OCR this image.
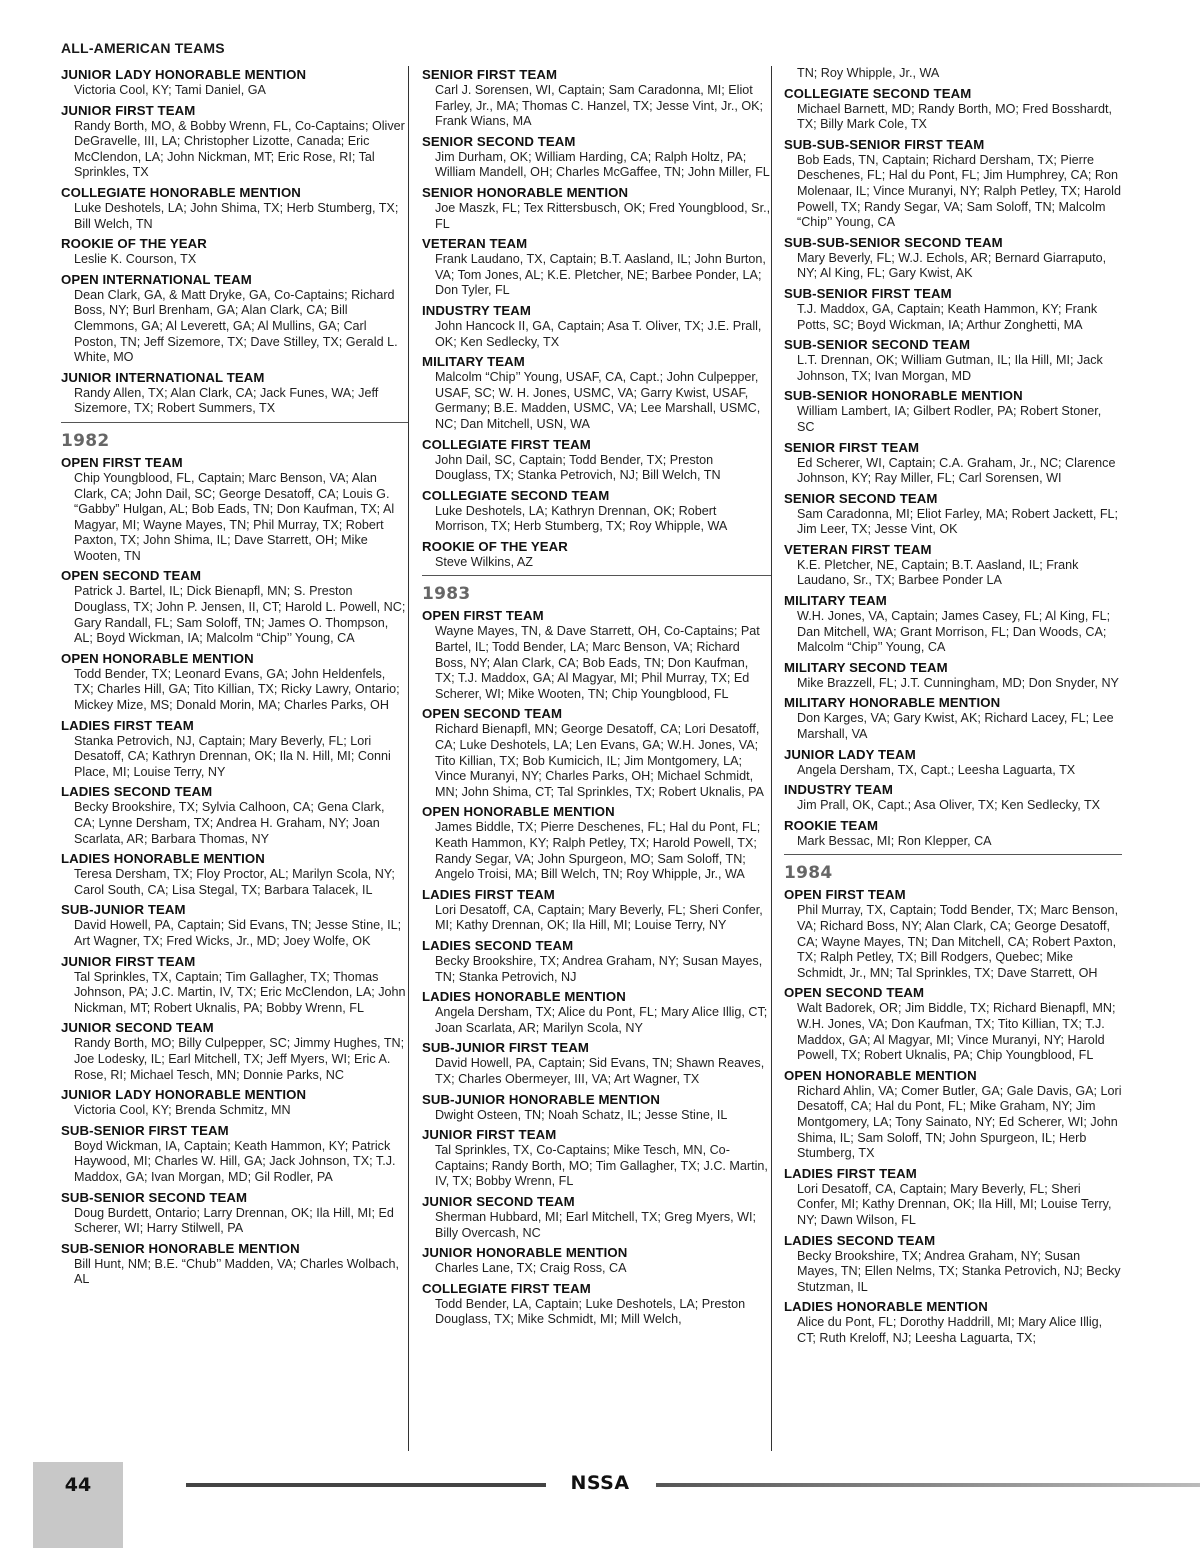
ALL-AMERICAN TEAMS
JUNIOR LADY HONORABLE MENTION

Victoria Cool, KY; Tami Daniel, GA

JUNIOR FIRST TEAM

Randy Borth, MO, & Bobby Wrenn, FL, Co-Captains; Oliver DeGravelle, III, LA; Christopher Lizotte, Canada; Eric McClendon, LA; John Nickman, MT; Eric Rose, RI; Tal Sprinkles, TX

COLLEGIATE HONORABLE MENTION

Luke Deshotels, LA; John Shima, TX; Herb Stumberg, TX; Bill Welch, TN

ROOKIE OF THE YEAR

Leslie K. Courson, TX

OPEN INTERNATIONAL TEAM

Dean Clark, GA, & Matt Dryke, GA, Co-Captains; Richard Boss, NY; Burl Brenham, GA; Alan Clark, CA; Bill Clemmons, GA; Al Leverett, GA; Al Mullins, GA; Carl Poston, TN; Jeff Sizemore, TX; Dave Stilley, TX; Gerald L. White, MO

JUNIOR INTERNATIONAL TEAM

Randy Allen, TX; Alan Clark, CA; Jack Funes, WA; Jeff Sizemore, TX; Robert Summers, TX

1982
OPEN FIRST TEAM

Chip Youngblood, FL, Captain; Marc Benson, VA; Alan Clark, CA; John Dail, SC; George Desatoff, CA; Louis G. “Gabby” Hulgan, AL; Bob Eads, TN; Don Kaufman, TX; Al Magyar, MI; Wayne Mayes, TN; Phil Murray, TX; Robert Paxton, TX; John Shima, IL; Dave Starrett, OH; Mike Wooten, TN

OPEN SECOND TEAM

Patrick J. Bartel, IL; Dick Bienapfl, MN; S. Preston Douglass, TX; John P. Jensen, II, CT; Harold L. Powell, NC; Gary Randall, FL; Sam Soloff, TN; James O. Thompson, AL; Boyd Wickman, IA; Malcolm “Chip’’ Young, CA

OPEN HONORABLE MENTION

Todd Bender, TX; Leonard Evans, GA; John Heldenfels, TX; Charles Hill, GA; Tito Killian, TX; Ricky Lawry, Ontario; Mickey Mize, MS; Donald Morin, MA; Charles Parks, OH

LADIES FIRST TEAM

Stanka Petrovich, NJ, Captain; Mary Beverly, FL; Lori Desatoff, CA; Kathryn Drennan, OK; Ila N. Hill, MI; Conni Place, MI; Louise Terry, NY

LADIES SECOND TEAM

Becky Brookshire, TX; Sylvia Calhoon, CA; Gena Clark, CA; Lynne Dersham, TX; Andrea H. Graham, NY; Joan Scarlata, AR; Barbara Thomas, NY

LADIES HONORABLE MENTION

Teresa Dersham, TX; Floy Proctor, AL; Marilyn Scola, NY; Carol South, CA; Lisa Stegal, TX; Barbara Talacek, IL

SUB-JUNIOR TEAM

David Howell, PA, Captain; Sid Evans, TN; Jesse Stine, IL; Art Wagner, TX; Fred Wicks, Jr., MD; Joey Wolfe, OK

JUNIOR FIRST TEAM

Tal Sprinkles, TX, Captain; Tim Gallagher, TX; Thomas Johnson, PA; J.C. Martin, IV, TX; Eric McClendon, LA; John Nickman, MT; Robert Uknalis, PA; Bobby Wrenn, FL

JUNIOR SECOND TEAM

Randy Borth, MO; Billy Culpepper, SC; Jimmy Hughes, TN; Joe Lodesky, IL; Earl Mitchell, TX; Jeff Myers, WI; Eric A. Rose, RI; Michael Tesch, MN; Donnie Parks, NC

JUNIOR LADY HONORABLE MENTION

Victoria Cool, KY; Brenda Schmitz, MN

SUB-SENIOR FIRST TEAM

Boyd Wickman, IA, Captain; Keath Hammon, KY; Patrick Haywood, MI; Charles W. Hill, GA; Jack Johnson, TX; T.J. Maddox, GA; Ivan Morgan, MD; Gil Rodler, PA

SUB-SENIOR SECOND TEAM

Doug Burdett, Ontario; Larry Drennan, OK; Ila Hill, MI; Ed Scherer, WI; Harry Stilwell, PA

SUB-SENIOR HONORABLE MENTION

Bill Hunt, NM; B.E. “Chub’’ Madden, VA; Charles Wolbach, AL

SENIOR FIRST TEAM

Carl J. Sorensen, WI, Captain; Sam Caradonna, MI; Eliot Farley, Jr., MA; Thomas C. Hanzel, TX; Jesse Vint, Jr., OK; Frank Wians, MA

SENIOR SECOND TEAM

Jim Durham, OK; William Harding, CA; Ralph Holtz, PA; William Mandell, OH; Charles McGaffee, TN; John Miller, FL

SENIOR HONORABLE MENTION

Joe Maszk, FL; Tex Rittersbusch, OK; Fred Youngblood, Sr., FL

VETERAN TEAM

Frank Laudano, TX, Captain; B.T. Aasland, IL; John Burton, VA; Tom Jones, AL; K.E. Pletcher, NE; Barbee Ponder, LA; Don Tyler, FL

INDUSTRY TEAM

John Hancock II, GA, Captain; Asa T. Oliver, TX; J.E. Prall, OK; Ken Sedlecky, TX

MILITARY TEAM

Malcolm “Chip’’ Young, USAF, CA, Capt.; John Culpepper, USAF, SC; W. H. Jones, USMC, VA; Garry Kwist, USAF, Germany; B.E. Madden, USMC, VA; Lee Marshall, USMC, NC; Dan Mitchell, USN, WA

COLLEGIATE FIRST TEAM

John Dail, SC, Captain; Todd Bender, TX; Preston Douglass, TX; Stanka Petrovich, NJ; Bill Welch, TN

COLLEGIATE SECOND TEAM

Luke Deshotels, LA; Kathryn Drennan, OK; Robert Morrison, TX; Herb Stumberg, TX; Roy Whipple, WA

ROOKIE OF THE YEAR

Steve Wilkins, AZ

1983
OPEN FIRST TEAM

Wayne Mayes, TN, & Dave Starrett, OH, Co-Captains; Pat Bartel, IL; Todd Bender, LA; Marc Benson, VA; Richard Boss, NY; Alan Clark, CA; Bob Eads, TN; Don Kaufman, TX; T.J. Maddox, GA; Al Magyar, MI; Phil Murray, TX; Ed Scherer, WI; Mike Wooten, TN; Chip Youngblood, FL

OPEN SECOND TEAM

Richard Bienapfl, MN; George Desatoff, CA; Lori Desatoff, CA; Luke Deshotels, LA; Len Evans, GA; W.H. Jones, VA; Tito Killian, TX; Bob Kumicich, IL; Jim Montgomery, LA; Vince Muranyi, NY; Charles Parks, OH; Michael Schmidt, MN; John Shima, CT; Tal Sprinkles, TX; Robert Uknalis, PA

OPEN HONORABLE MENTION

James Biddle, TX; Pierre Deschenes, FL; Hal du Pont, FL; Keath Hammon, KY; Ralph Petley, TX; Harold Powell, TX; Randy Segar, VA; John Spurgeon, MO; Sam Soloff, TN; Angelo Troisi, MA; Bill Welch, TN; Roy Whipple, Jr., WA

LADIES FIRST TEAM

Lori Desatoff, CA, Captain; Mary Beverly, FL; Sheri Confer, MI; Kathy Drennan, OK; Ila Hill, MI; Louise Terry, NY

LADIES SECOND TEAM

Becky Brookshire, TX; Andrea Graham, NY; Susan Mayes, TN; Stanka Petrovich, NJ

LADIES HONORABLE MENTION

Angela Dersham, TX; Alice du Pont, FL; Mary Alice Illig, CT; Joan Scarlata, AR; Marilyn Scola, NY

SUB-JUNIOR FIRST TEAM

David Howell, PA, Captain; Sid Evans, TN; Shawn Reaves, TX; Charles Obermeyer, III, VA; Art Wagner, TX

SUB-JUNIOR HONORABLE MENTION

Dwight Osteen, TN; Noah Schatz, IL; Jesse Stine, IL

JUNIOR FIRST TEAM

Tal Sprinkles, TX, Co-Captains; Mike Tesch, MN, Co-Captains; Randy Borth, MO; Tim Gallagher, TX; J.C. Martin, IV, TX; Bobby Wrenn, FL

JUNIOR SECOND TEAM

Sherman Hubbard, MI; Earl Mitchell, TX; Greg Myers, WI; Billy Overcash, NC

JUNIOR HONORABLE MENTION

Charles Lane, TX; Craig Ross, CA

COLLEGIATE FIRST TEAM

Todd Bender, LA, Captain; Luke Deshotels, LA; Preston Douglass, TX; Mike Schmidt, MI; Mill Welch,

TN; Roy Whipple, Jr., WA

COLLEGIATE SECOND TEAM

Michael Barnett, MD; Randy Borth, MO; Fred Bosshardt, TX; Billy Mark Cole, TX

SUB-SUB-SENIOR FIRST TEAM

Bob Eads, TN, Captain; Richard Dersham, TX; Pierre Deschenes, FL; Hal du Pont, FL; Jim Humphrey, CA; Ron Molenaar, IL; Vince Muranyi, NY; Ralph Petley, TX; Harold Powell, TX; Randy Segar, VA; Sam Soloff, TN; Malcolm “Chip’’ Young, CA

SUB-SUB-SENIOR SECOND TEAM

Mary Beverly, FL; W.J. Echols, AR; Bernard Giarraputo, NY; Al King, FL; Gary Kwist, AK

SUB-SENIOR FIRST TEAM

T.J. Maddox, GA, Captain; Keath Hammon, KY; Frank Potts, SC; Boyd Wickman, IA; Arthur Zonghetti, MA

SUB-SENIOR SECOND TEAM

L.T. Drennan, OK; William Gutman, IL; Ila Hill, MI; Jack Johnson, TX; Ivan Morgan, MD

SUB-SENIOR HONORABLE MENTION

William Lambert, IA; Gilbert Rodler, PA; Robert Stoner, SC

SENIOR FIRST TEAM

Ed Scherer, WI, Captain; C.A. Graham, Jr., NC; Clarence Johnson, KY; Ray Miller, FL; Carl Sorensen, WI

SENIOR SECOND TEAM

Sam Caradonna, MI; Eliot Farley, MA; Robert Jackett, FL; Jim Leer, TX; Jesse Vint, OK

VETERAN FIRST TEAM

K.E. Pletcher, NE, Captain; B.T. Aasland, IL; Frank Laudano, Sr., TX; Barbee Ponder LA

MILITARY TEAM

W.H. Jones, VA, Captain; James Casey, FL; Al King, FL; Dan Mitchell, WA; Grant Morrison, FL; Dan Woods, CA; Malcolm “Chip’’ Young, CA

MILITARY SECOND TEAM

Mike Brazzell, FL; J.T. Cunningham, MD; Don Snyder, NY

MILITARY HONORABLE MENTION

Don Karges, VA; Gary Kwist, AK; Richard Lacey, FL; Lee Marshall, VA

JUNIOR LADY TEAM

Angela Dersham, TX, Capt.; Leesha Laguarta, TX

INDUSTRY TEAM

Jim Prall, OK, Capt.; Asa Oliver, TX; Ken Sedlecky, TX

ROOKIE TEAM

Mark Bessac, MI; Ron Klepper, CA

1984
OPEN FIRST TEAM

Phil Murray, TX, Captain; Todd Bender, TX; Marc Benson, VA; Richard Boss, NY; Alan Clark, CA; George Desatoff, CA; Wayne Mayes, TN; Dan Mitchell, CA; Robert Paxton, TX; Ralph Petley, TX; Bill Rodgers, Quebec; Mike Schmidt, Jr., MN; Tal Sprinkles, TX; Dave Starrett, OH

OPEN SECOND TEAM

Walt Badorek, OR; Jim Biddle, TX; Richard Bienapfl, MN; W.H. Jones, VA; Don Kaufman, TX; Tito Killian, TX; T.J. Maddox, GA; Al Magyar, MI; Vince Muranyi, NY; Harold Powell, TX; Robert Uknalis, PA; Chip Youngblood, FL

OPEN HONORABLE MENTION

Richard Ahlin, VA; Comer Butler, GA; Gale Davis, GA; Lori Desatoff, CA; Hal du Pont, FL; Mike Graham, NY; Jim Montgomery, LA; Tony Sainato, NY; Ed Scherer, WI; John Shima, IL; Sam Soloff, TN; John Spurgeon, IL; Herb Stumberg, TX

LADIES FIRST TEAM

Lori Desatoff, CA, Captain; Mary Beverly, FL; Sheri Confer, MI; Kathy Drennan, OK; Ila Hill, MI; Louise Terry, NY; Dawn Wilson, FL

LADIES SECOND TEAM

Becky Brookshire, TX; Andrea Graham, NY; Susan Mayes, TN; Ellen Nelms, TX; Stanka Petrovich, NJ; Becky Stutzman, IL

LADIES HONORABLE MENTION

Alice du Pont, FL; Dorothy Haddrill, MI; Mary Alice Illig, CT; Ruth Kreloff, NJ; Leesha Laguarta, TX;

44	NSSA
